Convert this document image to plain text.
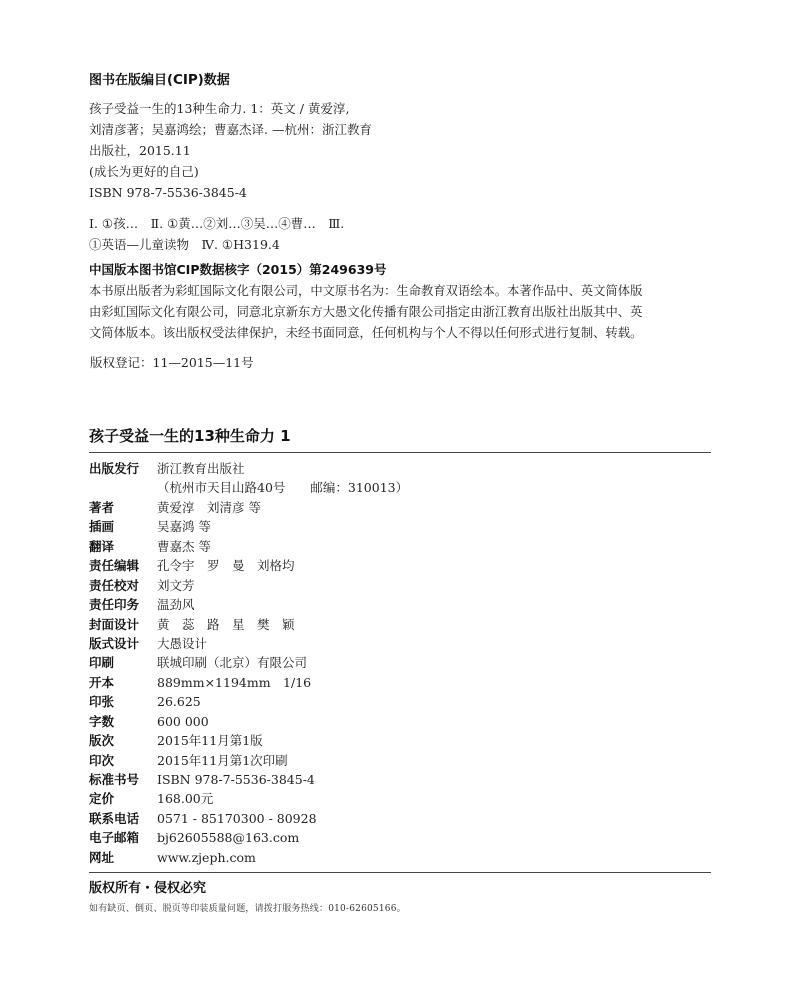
图书在版编目(CIP)数据
孩子受益一生的13种生命力. 1：英文 / 黄爱淳,
刘清彦著；吴嘉鸿绘；曹嘉杰译. —杭州：浙江教育
出版社，2015.11
(成长为更好的自己)
ISBN 978-7-5536-3845-4
Ⅰ. ①孩…　Ⅱ. ①黄…②刘…③吴…④曹…　Ⅲ.
①英语—儿童读物　Ⅳ. ①H319.4
中国版本图书馆CIP数据核字（2015）第249639号
本书原出版者为彩虹国际文化有限公司，中文原书名为：生命教育双语绘本。本著作品中、英文简体版
由彩虹国际文化有限公司，同意北京新东方大愚文化传播有限公司指定由浙江教育出版社出版其中、英
文简体版本。该出版权受法律保护，未经书面同意，任何机构与个人不得以任何形式进行复制、转载。
版权登记：11—2015—11号
孩子受益一生的13种生命力 1
出版发行	浙江教育出版社
（杭州市天目山路40号　　邮编：310013）
著者	黄爱淳　刘清彦 等
插画	吴嘉鸿 等
翻译	曹嘉杰 等
责任编辑	孔令宇　罗　曼　刘格均
责任校对	刘文芳
责任印务	温劲风
封面设计	黄　蕊　路　星　樊　颖
版式设计	大愚设计
印刷	联城印刷（北京）有限公司
开本	889mm×1194mm　1/16
印张	26.625
字数	600 000
版次	2015年11月第1版
印次	2015年11月第1次印刷
标准书号	ISBN 978-7-5536-3845-4
定价	168.00元
联系电话	0571 - 85170300 - 80928
电子邮箱	bj62605588@163.com
网址	www.zjeph.com
版权所有・侵权必究
如有缺页、倒页、脱页等印装质量问题，请拨打服务热线：010-62605166。
